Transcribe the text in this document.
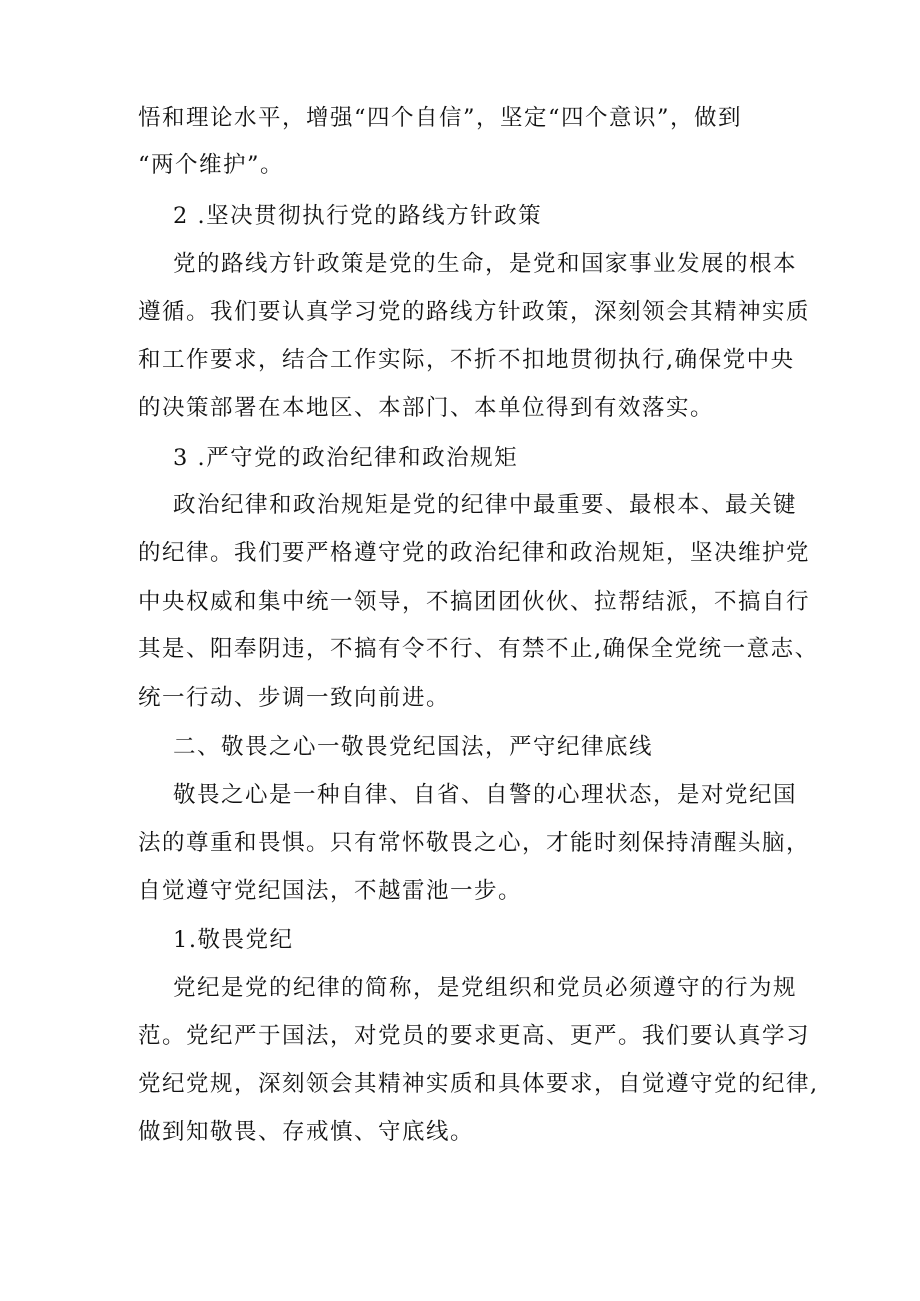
悟和理论水平，增强“四个自信”，坚定“四个意识”，做到
“两个维护”。
2 .坚决贯彻执行党的路线方针政策
党的路线方针政策是党的生命，是党和国家事业发展的根本
遵循。我们要认真学习党的路线方针政策，深刻领会其精神实质
和工作要求，结合工作实际，不折不扣地贯彻执行,确保党中央
的决策部署在本地区、本部门、本单位得到有效落实。
3 .严守党的政治纪律和政治规矩
政治纪律和政治规矩是党的纪律中最重要、最根本、最关键
的纪律。我们要严格遵守党的政治纪律和政治规矩，坚决维护党
中央权威和集中统一领导，不搞团团伙伙、拉帮结派，不搞自行
其是、阳奉阴违，不搞有令不行、有禁不止,确保全党统一意志、
统一行动、步调一致向前进。
二、敬畏之心一敬畏党纪国法，严守纪律底线
敬畏之心是一种自律、自省、自警的心理状态，是对党纪国
法的尊重和畏惧。只有常怀敬畏之心，才能时刻保持清醒头脑，
自觉遵守党纪国法，不越雷池一步。
1.敬畏党纪
党纪是党的纪律的简称，是党组织和党员必须遵守的行为规
范。党纪严于国法，对党员的要求更高、更严。我们要认真学习
党纪党规，深刻领会其精神实质和具体要求，自觉遵守党的纪律,
做到知敬畏、存戒慎、守底线。
